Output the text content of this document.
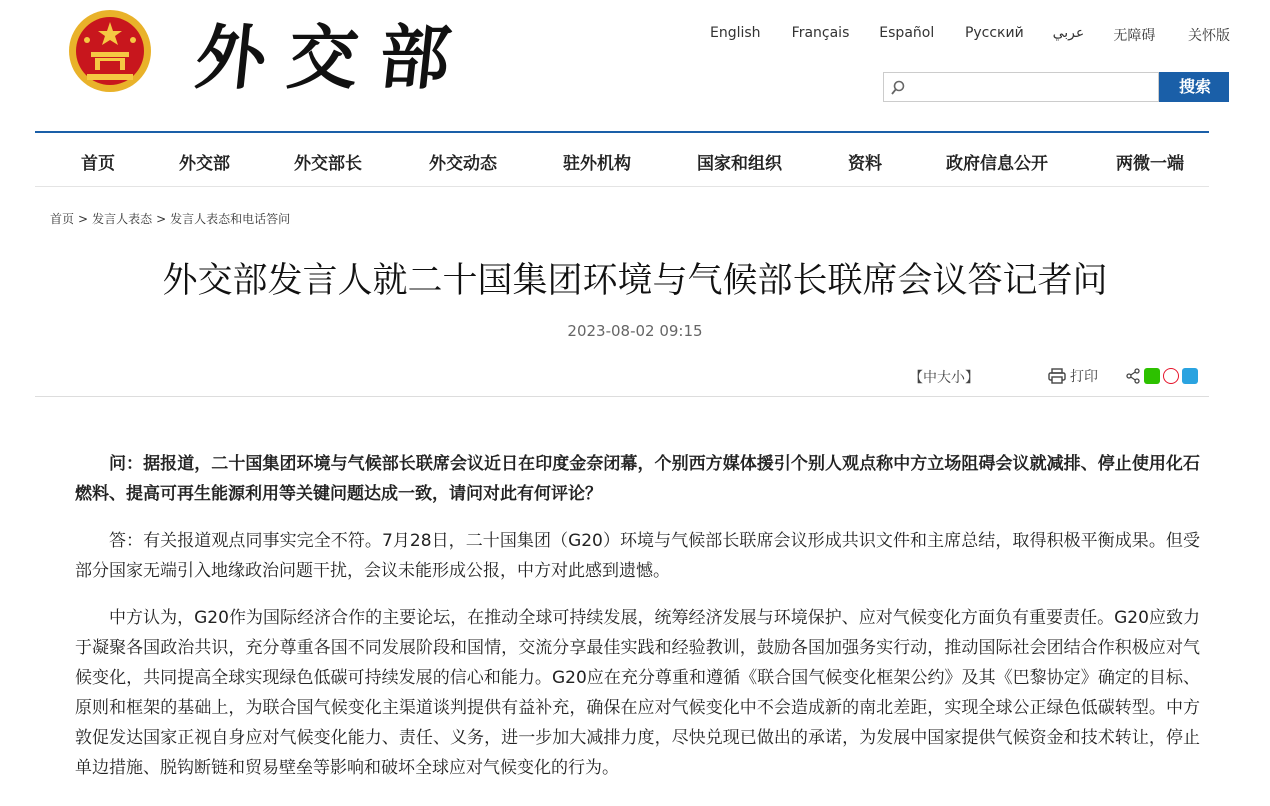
外交部	English	Français	Español	Русский	عربي	无障碍	关怀版
搜索
首页	外交部	外交部长	外交动态	驻外机构	国家和组织	资料	政府信息公开	两微一端
首页 > 发言人表态 > 发言人表态和电话答问
外交部发言人就二十国集团环境与气候部长联席会议答记者问
2023-08-02 09:15
【中大小】	打印

问：据报道，二十国集团环境与气候部长联席会议近日在印度金奈闭幕，个别西方媒体援引个别人观点称中方立场阻碍会议就减排、停止使用化石燃料、提高可再生能源利用等关键问题达成一致，请问对此有何评论？

答：有关报道观点同事实完全不符。7月28日，二十国集团（G20）环境与气候部长联席会议形成共识文件和主席总结，取得积极平衡成果。但受部分国家无端引入地缘政治问题干扰，会议未能形成公报，中方对此感到遗憾。

中方认为，G20作为国际经济合作的主要论坛，在推动全球可持续发展，统筹经济发展与环境保护、应对气候变化方面负有重要责任。G20应致力于凝聚各国政治共识，充分尊重各国不同发展阶段和国情，交流分享最佳实践和经验教训，鼓励各国加强务实行动，推动国际社会团结合作积极应对气候变化，共同提高全球实现绿色低碳可持续发展的信心和能力。G20应在充分尊重和遵循《联合国气候变化框架公约》及其《巴黎协定》确定的目标、原则和框架的基础上，为联合国气候变化主渠道谈判提供有益补充，确保在应对气候变化中不会造成新的南北差距，实现全球公正绿色低碳转型。中方敦促发达国家正视自身应对气候变化能力、责任、义务，进一步加大减排力度，尽快兑现已做出的承诺，为发展中国家提供气候资金和技术转让，停止单边措施、脱钩断链和贸易壁垒等影响和破坏全球应对气候变化的行为。
